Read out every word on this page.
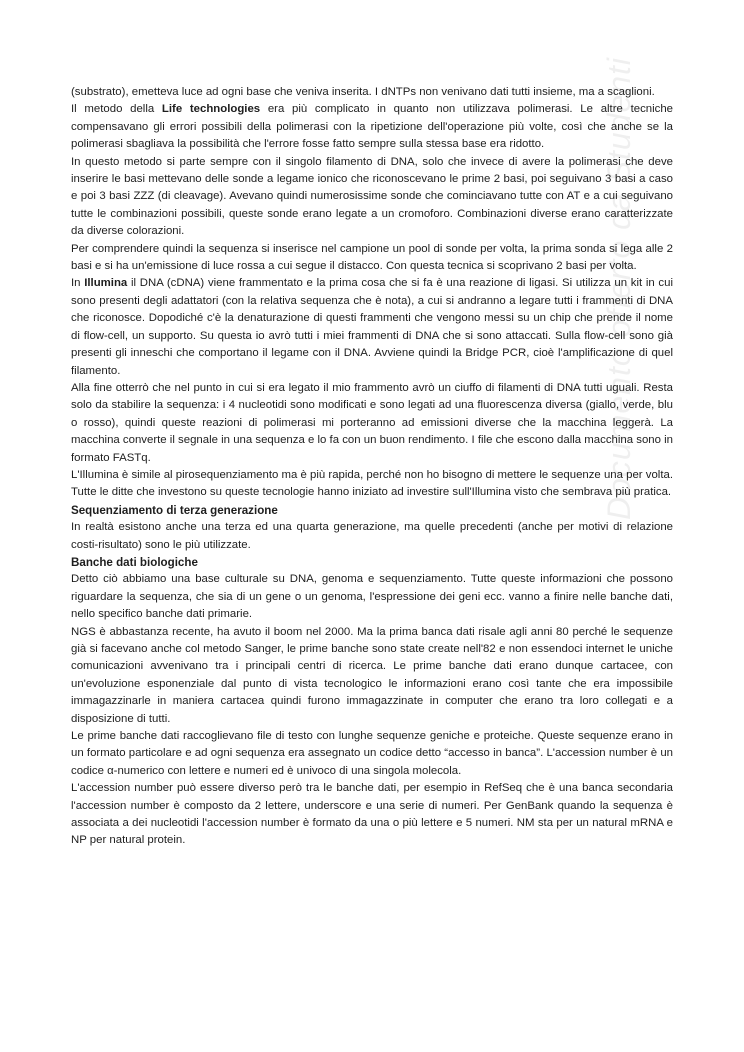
Documento offerto da Studenti

(substrato), emetteva luce ad ogni base che veniva inserita. I dNTPs non venivano dati tutti insieme, ma a scaglioni.

Il metodo della Life technologies era più complicato in quanto non utilizzava polimerasi. Le altre tecniche compensavano gli errori possibili della polimerasi con la ripetizione dell'operazione più volte, così che anche se la polimerasi sbagliava la possibilità che l'errore fosse fatto sempre sulla stessa base era ridotto.

In questo metodo si parte sempre con il singolo filamento di DNA, solo che invece di avere la polimerasi che deve inserire le basi mettevano delle sonde a legame ionico che riconoscevano le prime 2 basi, poi seguivano 3 basi a caso e poi 3 basi ZZZ (di cleavage). Avevano quindi numerosissime sonde che cominciavano tutte con AT e a cui seguivano tutte le combinazioni possibili, queste sonde erano legate a un cromoforo. Combinazioni diverse erano caratterizzate da diverse colorazioni.

Per comprendere quindi la sequenza si inserisce nel campione un pool di sonde per volta, la prima sonda si lega alle 2 basi e si ha un'emissione di luce rossa a cui segue il distacco. Con questa tecnica si scoprivano 2 basi per volta.

In Illumina il DNA (cDNA) viene frammentato e la prima cosa che si fa è una reazione di ligasi. Si utilizza un kit in cui sono presenti degli adattatori (con la relativa sequenza che è nota), a cui si andranno a legare tutti i frammenti di DNA che riconosce. Dopodiché c'è la denaturazione di questi frammenti che vengono messi su un chip che prende il nome di flow-cell, un supporto. Su questa io avrò tutti i miei frammenti di DNA che si sono attaccati. Sulla flow-cell sono già presenti gli inneschi che comportano il legame con il DNA. Avviene quindi la Bridge PCR, cioè l'amplificazione di quel filamento.

Alla fine otterrò che nel punto in cui si era legato il mio frammento avrò un ciuffo di filamenti di DNA tutti uguali. Resta solo da stabilire la sequenza: i 4 nucleotidi sono modificati e sono legati ad una fluorescenza diversa (giallo, verde, blu o rosso), quindi queste reazioni di polimerasi mi porteranno ad emissioni diverse che la macchina leggerà. La macchina converte il segnale in una sequenza e lo fa con un buon rendimento. I file che escono dalla macchina sono in formato FASTq.

L'Illumina è simile al pirosequenziamento ma è più rapida, perché non ho bisogno di mettere le sequenze una per volta. Tutte le ditte che investono su queste tecnologie hanno iniziato ad investire sull'Illumina visto che sembrava più pratica.

Sequenziamento di terza generazione

In realtà esistono anche una terza ed una quarta generazione, ma quelle precedenti (anche per motivi di relazione costi-risultato) sono le più utilizzate.

Banche dati biologiche

Detto ciò abbiamo una base culturale su DNA, genoma e sequenziamento. Tutte queste informazioni che possono riguardare la sequenza, che sia di un gene o un genoma, l'espressione dei geni ecc. vanno a finire nelle banche dati, nello specifico banche dati primarie.

NGS è abbastanza recente, ha avuto il boom nel 2000. Ma la prima banca dati risale agli anni 80 perché le sequenze già si facevano anche col metodo Sanger, le prime banche sono state create nell'82 e non essendoci internet le uniche comunicazioni avvenivano tra i principali centri di ricerca. Le prime banche dati erano dunque cartacee, con un'evoluzione esponenziale dal punto di vista tecnologico le informazioni erano così tante che era impossibile immagazzinarle in maniera cartacea quindi furono immagazzinate in computer che erano tra loro collegati e a disposizione di tutti.

Le prime banche dati raccoglievano file di testo con lunghe sequenze geniche e proteiche. Queste sequenze erano in un formato particolare e ad ogni sequenza era assegnato un codice detto “accesso in banca”. L'accession number è un codice α-numerico con lettere e numeri ed è univoco di una singola molecola.

L'accession number può essere diverso però tra le banche dati, per esempio in RefSeq che è una banca secondaria l'accession number è composto da 2 lettere, underscore e una serie di numeri. Per GenBank quando la sequenza è associata a dei nucleotidi l'accession number è formato da una o più lettere e 5 numeri. NM sta per un natural mRNA e NP per natural protein.
